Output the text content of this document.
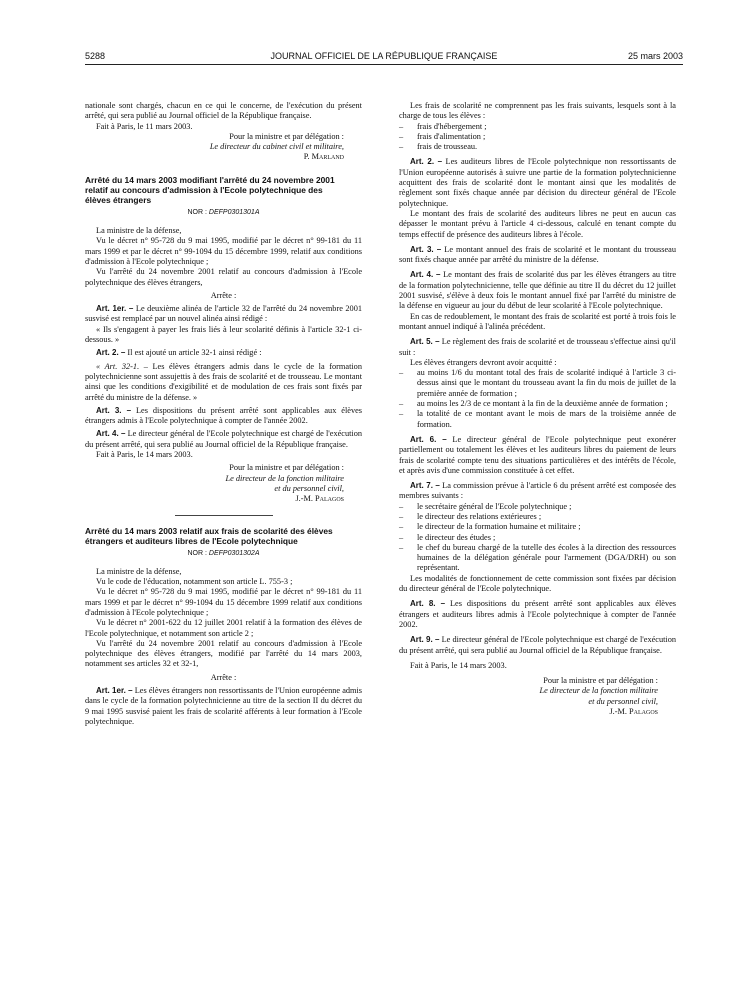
5288	JOURNAL OFFICIEL DE LA RÉPUBLIQUE FRANÇAISE	25 mars 2003

nationale sont chargés, chacun en ce qui le concerne, de l'exécution du présent arrêté, qui sera publié au Journal officiel de la République française.

Fait à Paris, le 11 mars 2003.

Pour la ministre et par délégation :

Le directeur du cabinet civil et militaire,

P. Marland

Arrêté du 14 mars 2003 modifiant l'arrêté du 24 novembre 2001 relatif au concours d'admission à l'Ecole polytechnique des élèves étrangers
NOR : DEFP0301301A

La ministre de la défense,

Vu le décret n° 95-728 du 9 mai 1995, modifié par le décret n° 99-181 du 11 mars 1999 et par le décret n° 99-1094 du 15 décembre 1999, relatif aux conditions d'admission à l'Ecole polytechnique ;

Vu l'arrêté du 24 novembre 2001 relatif au concours d'admission à l'Ecole polytechnique des élèves étrangers,

Arrête :

Art. 1er. – Le deuxième alinéa de l'article 32 de l'arrêté du 24 novembre 2001 susvisé est remplacé par un nouvel alinéa ainsi rédigé :

« Ils s'engagent à payer les frais liés à leur scolarité définis à l'article 32-1 ci-dessous. »

Art. 2. – Il est ajouté un article 32-1 ainsi rédigé :

« Art. 32-1. – Les élèves étrangers admis dans le cycle de la formation polytechnicienne sont assujettis à des frais de scolarité et de trousseau. Le montant ainsi que les conditions d'exigibilité et de modulation de ces frais sont fixés par arrêté du ministre de la défense. »

Art. 3. – Les dispositions du présent arrêté sont applicables aux élèves étrangers admis à l'Ecole polytechnique à compter de l'année 2002.

Art. 4. – Le directeur général de l'Ecole polytechnique est chargé de l'exécution du présent arrêté, qui sera publié au Journal officiel de la République française.

Fait à Paris, le 14 mars 2003.

Pour la ministre et par délégation :

Le directeur de la fonction militaire

et du personnel civil,

J.-M. Palagos

Arrêté du 14 mars 2003 relatif aux frais de scolarité des élèves étrangers et auditeurs libres de l'Ecole polytechnique
NOR : DEFP0301302A

La ministre de la défense,

Vu le code de l'éducation, notamment son article L. 755-3 ;

Vu le décret n° 95-728 du 9 mai 1995, modifié par le décret n° 99-181 du 11 mars 1999 et par le décret n° 99-1094 du 15 décembre 1999 relatif aux conditions d'admission à l'Ecole polytechnique ;

Vu le décret n° 2001-622 du 12 juillet 2001 relatif à la formation des élèves de l'Ecole polytechnique, et notamment son article 2 ;

Vu l'arrêté du 24 novembre 2001 relatif au concours d'admission à l'Ecole polytechnique des élèves étrangers, modifié par l'arrêté du 14 mars 2003, notamment ses articles 32 et 32-1,

Arrête :

Art. 1er. – Les élèves étrangers non ressortissants de l'Union européenne admis dans le cycle de la formation polytechnicienne au titre de la section II du décret du 9 mai 1995 susvisé paient les frais de scolarité afférents à leur formation à l'Ecole polytechnique.

Les frais de scolarité ne comprennent pas les frais suivants, lesquels sont à la charge de tous les élèves :

– frais d'hébergement ;
– frais d'alimentation ;
– frais de trousseau.

Art. 2. – Les auditeurs libres de l'Ecole polytechnique non ressortissants de l'Union européenne autorisés à suivre une partie de la formation polytechnicienne acquittent des frais de scolarité dont le montant ainsi que les modalités de règlement sont fixés chaque année par décision du directeur général de l'Ecole polytechnique.

Le montant des frais de scolarité des auditeurs libres ne peut en aucun cas dépasser le montant prévu à l'article 4 ci-dessous, calculé en tenant compte du temps effectif de présence des auditeurs libres à l'école.

Art. 3. – Le montant annuel des frais de scolarité et le montant du trousseau sont fixés chaque année par arrêté du ministre de la défense.

Art. 4. – Le montant des frais de scolarité dus par les élèves étrangers au titre de la formation polytechnicienne, telle que définie au titre II du décret du 12 juillet 2001 susvisé, s'élève à deux fois le montant annuel fixé par l'arrêté du ministre de la défense en vigueur au jour du début de leur scolarité à l'Ecole polytechnique.

En cas de redoublement, le montant des frais de scolarité est porté à trois fois le montant annuel indiqué à l'alinéa précédent.

Art. 5. – Le règlement des frais de scolarité et de trousseau s'effectue ainsi qu'il suit :

Les élèves étrangers devront avoir acquitté :

– au moins 1/6 du montant total des frais de scolarité indiqué à l'article 3 ci-dessus ainsi que le montant du trousseau avant la fin du mois de juillet de la première année de formation ;
– au moins les 2/3 de ce montant à la fin de la deuxième année de formation ;
– la totalité de ce montant avant le mois de mars de la troisième année de formation.

Art. 6. – Le directeur général de l'Ecole polytechnique peut exonérer partiellement ou totalement les élèves et les auditeurs libres du paiement de leurs frais de scolarité compte tenu des situations particulières et des intérêts de l'école, et après avis d'une commission constituée à cet effet.

Art. 7. – La commission prévue à l'article 6 du présent arrêté est composée des membres suivants :

– le secrétaire général de l'Ecole polytechnique ;
– le directeur des relations extérieures ;
– le directeur de la formation humaine et militaire ;
– le directeur des études ;
– le chef du bureau chargé de la tutelle des écoles à la direction des ressources humaines de la délégation générale pour l'armement (DGA/DRH) ou son représentant.

Les modalités de fonctionnement de cette commission sont fixées par décision du directeur général de l'Ecole polytechnique.

Art. 8. – Les dispositions du présent arrêté sont applicables aux élèves étrangers et auditeurs libres admis à l'Ecole polytechnique à compter de l'année 2002.

Art. 9. – Le directeur général de l'Ecole polytechnique est chargé de l'exécution du présent arrêté, qui sera publié au Journal officiel de la République française.

Fait à Paris, le 14 mars 2003.

Pour la ministre et par délégation :

Le directeur de la fonction militaire

et du personnel civil,

J.-M. Palagos
